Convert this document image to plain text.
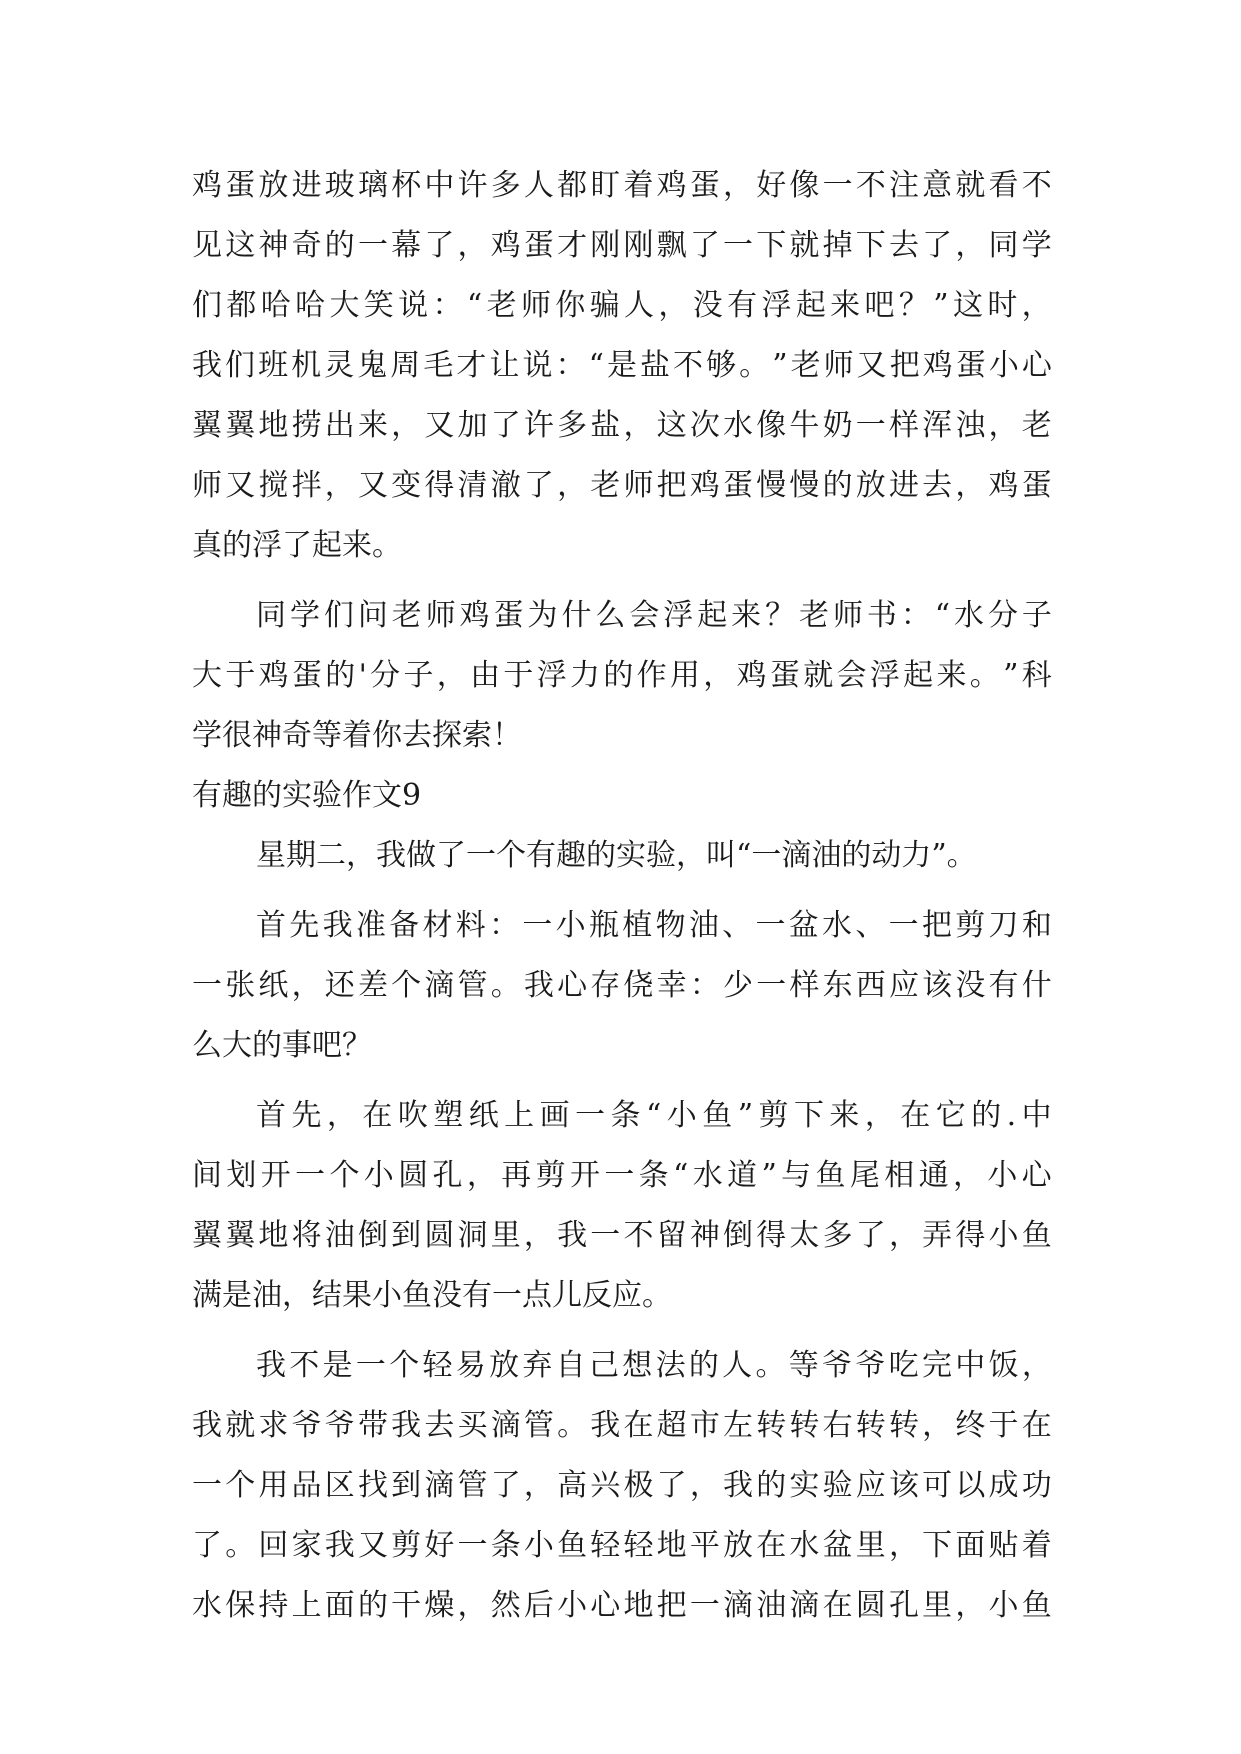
鸡 蛋 放 进 玻 璃 杯 中 许 多 人 都 盯 着 鸡 蛋 ， 好 像 一 不 注 意 就 看 不
见 这 神 奇 的 一 幕 了 ， 鸡 蛋 才 刚 刚 飘 了 一 下 就 掉 下 去 了 ， 同 学
们 都 哈 哈 大 笑 说 ： “ 老 师 你 骗 人 ， 没 有 浮 起 来 吧 ？ ” 这 时 ，
我 们 班 机 灵 鬼 周 毛 才 让 说 ： “ 是 盐 不 够 。 ” 老 师 又 把 鸡 蛋 小 心
翼 翼 地 捞 出 来 ， 又 加 了 许 多 盐 ， 这 次 水 像 牛 奶 一 样 浑 浊 ， 老
师 又 搅 拌 ， 又 变 得 清 澈 了 ， 老 师 把 鸡 蛋 慢 慢 的 放 进 去 ， 鸡 蛋
真的浮了起来。
同 学 们 问 老 师 鸡 蛋 为 什 么 会 浮 起 来 ？ 老 师 书 ： “ 水 分 子
大 于 鸡 蛋 的 ' 分 子 ， 由 于 浮 力 的 作 用 ， 鸡 蛋 就 会 浮 起 来 。 ” 科
学很神奇等着你去探索！
有趣的实验作文9
星期二，我做了一个有趣的实验，叫“一滴油的动力”。
首 先 我 准 备 材 料 ： 一 小 瓶 植 物 油 、 一 盆 水 、 一 把 剪 刀 和
一 张 纸 ， 还 差 个 滴 管 。 我 心 存 侥 幸 ： 少 一 样 东 西 应 该 没 有 什
么大的事吧？
首 先 ， 在 吹 塑 纸 上 画 一 条 “ 小 鱼 ” 剪 下 来 ， 在 它 的 . 中
间 划 开 一 个 小 圆 孔 ， 再 剪 开 一 条 “ 水 道 ” 与 鱼 尾 相 通 ， 小 心
翼 翼 地 将 油 倒 到 圆 洞 里 ， 我 一 不 留 神 倒 得 太 多 了 ， 弄 得 小 鱼
满是油，结果小鱼没有一点儿反应。
我 不 是 一 个 轻 易 放 弃 自 己 想 法 的 人 。 等 爷 爷 吃 完 中 饭 ，
我 就 求 爷 爷 带 我 去 买 滴 管 。 我 在 超 市 左 转 转 右 转 转 ， 终 于 在
一 个 用 品 区 找 到 滴 管 了 ， 高 兴 极 了 ， 我 的 实 验 应 该 可 以 成 功
了 。 回 家 我 又 剪 好 一 条 小 鱼 轻 轻 地 平 放 在 水 盆 里 ， 下 面 贴 着
水 保 持 上 面 的 干 燥 ， 然 后 小 心 地 把 一 滴 油 滴 在 圆 孔 里 ， 小 鱼
